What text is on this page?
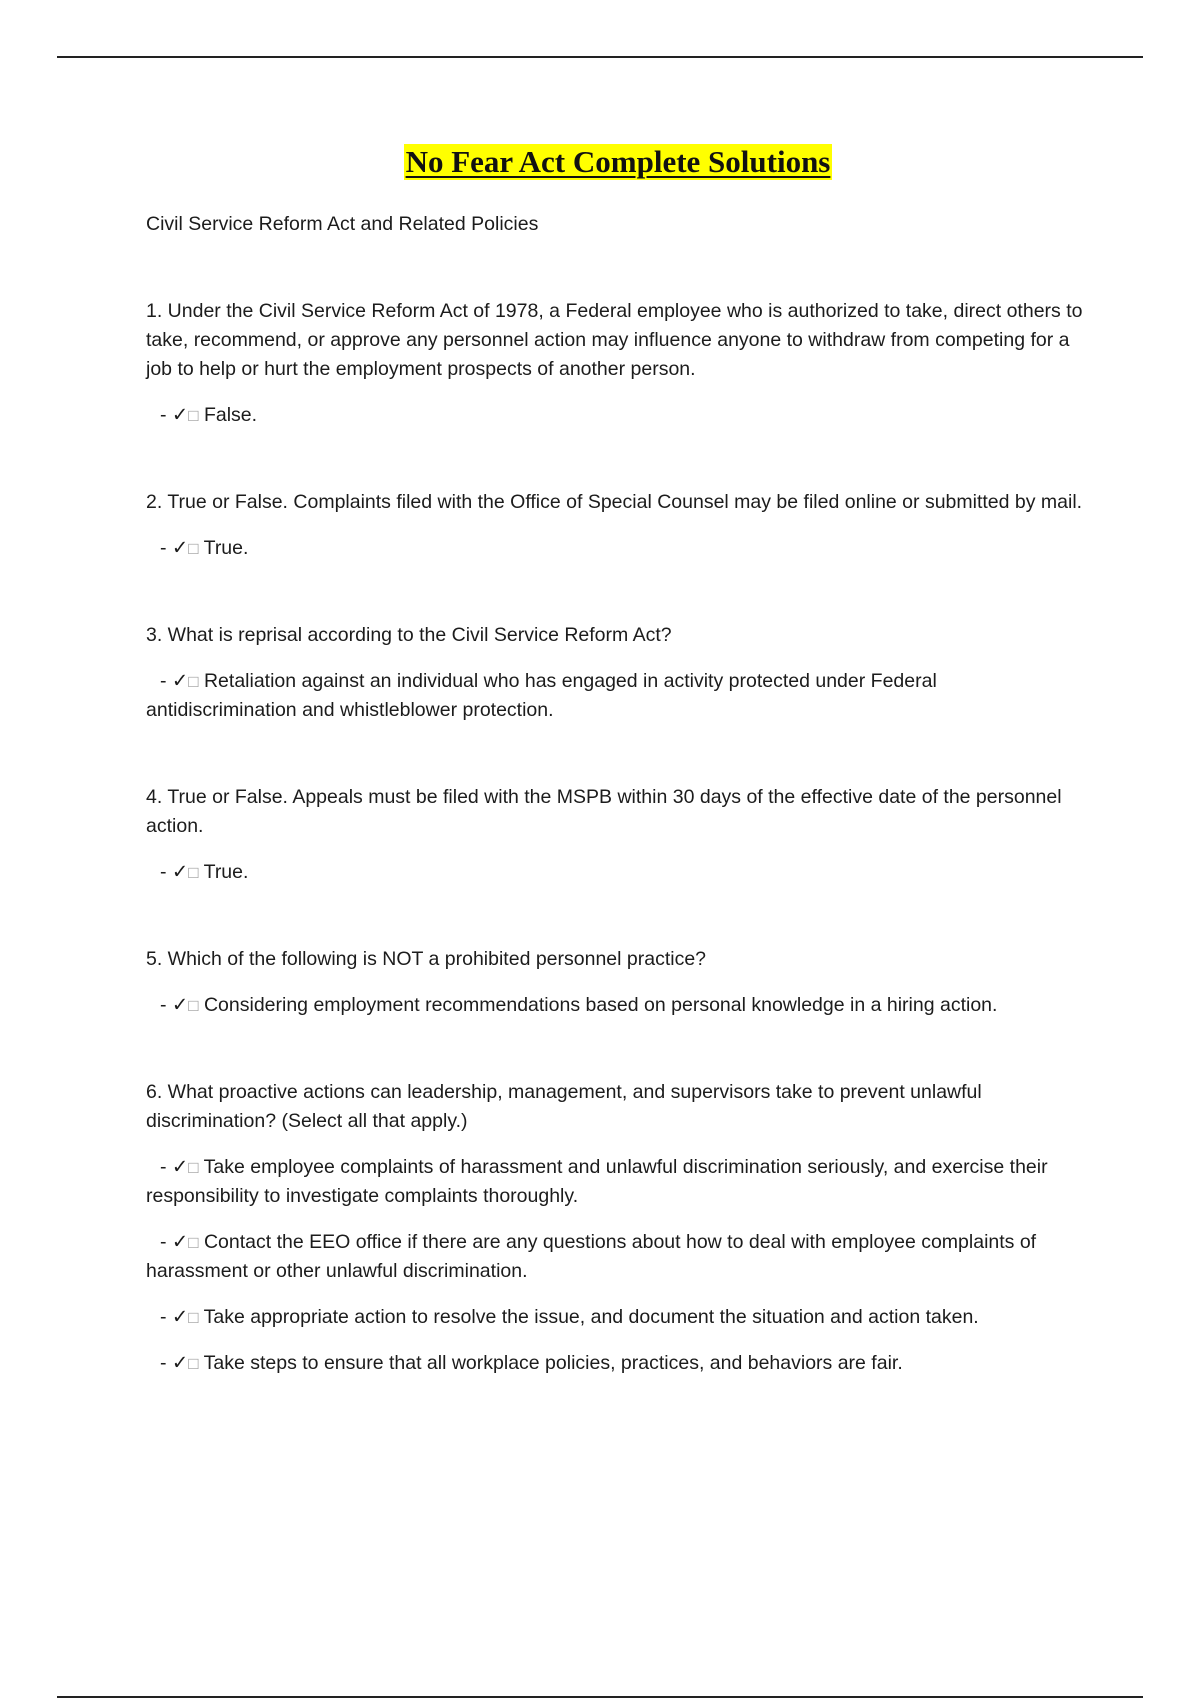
No Fear Act Complete Solutions
Civil Service Reform Act and Related Policies
1. Under the Civil Service Reform Act of 1978, a Federal employee who is authorized to take, direct others to take, recommend, or approve any personnel action may influence anyone to withdraw from competing for a job to help or hurt the employment prospects of another person.
- ✓□ False.
2. True or False. Complaints filed with the Office of Special Counsel may be filed online or submitted by mail.
- ✓□ True.
3. What is reprisal according to the Civil Service Reform Act?
- ✓□ Retaliation against an individual who has engaged in activity protected under Federal antidiscrimination and whistleblower protection.
4. True or False. Appeals must be filed with the MSPB within 30 days of the effective date of the personnel action.
- ✓□ True.
5. Which of the following is NOT a prohibited personnel practice?
- ✓□ Considering employment recommendations based on personal knowledge in a hiring action.
6. What proactive actions can leadership, management, and supervisors take to prevent unlawful discrimination? (Select all that apply.)
- ✓□ Take employee complaints of harassment and unlawful discrimination seriously, and exercise their responsibility to investigate complaints thoroughly.
- ✓□ Contact the EEO office if there are any questions about how to deal with employee complaints of harassment or other unlawful discrimination.
- ✓□ Take appropriate action to resolve the issue, and document the situation and action taken.
- ✓□ Take steps to ensure that all workplace policies, practices, and behaviors are fair.
